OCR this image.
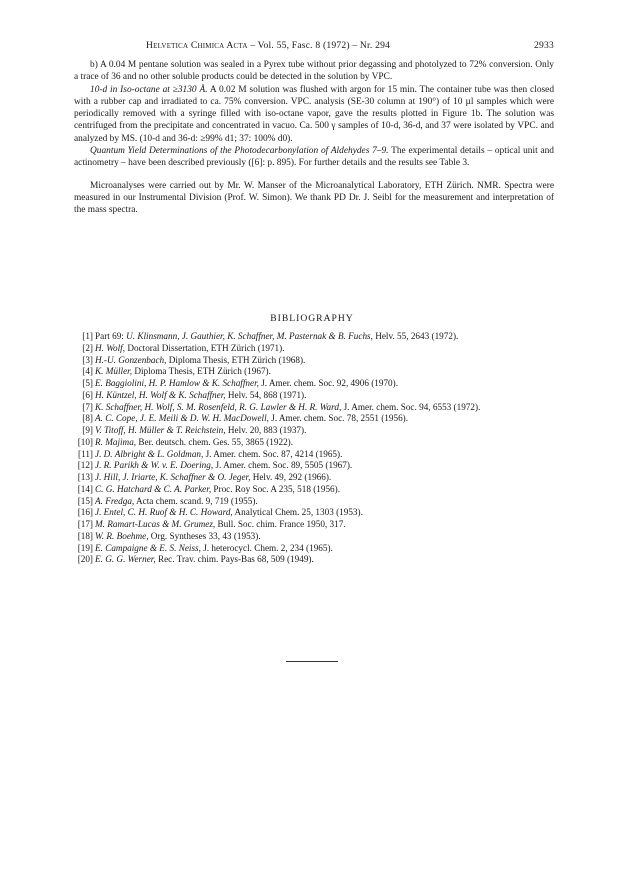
Helvetica Chimica Acta – Vol. 55, Fasc. 8 (1972) – Nr. 294	2933

b) A 0.04 M pentane solution was sealed in a Pyrex tube without prior degassing and photolyzed to 72% conversion. Only a trace of 36 and no other soluble products could be detected in the solution by VPC.

10-d in Iso-octane at ≥3130 Å. A 0.02 M solution was flushed with argon for 15 min. The container tube was then closed with a rubber cap and irradiated to ca. 75% conversion. VPC. analysis (SE-30 column at 190°) of 10 µl samples which were periodically removed with a syringe filled with iso-octane vapor, gave the results plotted in Figure 1b. The solution was centrifuged from the precipitate and concentrated in vacuo. Ca. 500 γ samples of 10-d, 36-d, and 37 were isolated by VPC. and analyzed by MS. (10-d and 36-d: ≥99% d1; 37: 100% d0).

Quantum Yield Determinations of the Photodecarbonylation of Aldehydes 7–9. The experimental details – optical unit and actinometry – have been described previously ([6]: p. 895). For further details and the results see Table 3.

Microanalyses were carried out by Mr. W. Manser of the Microanalytical Laboratory, ETH Zürich. NMR. Spectra were measured in our Instrumental Division (Prof. W. Simon). We thank PD Dr. J. Seibl for the measurement and interpretation of the mass spectra.

BIBLIOGRAPHY
[1] Part 69: U. Klinsmann, J. Gauthier, K. Schaffner, M. Pasternak & B. Fuchs, Helv. 55, 2643 (1972).
[2] H. Wolf, Doctoral Dissertation, ETH Zürich (1971).
[3] H.-U. Gonzenbach, Diploma Thesis, ETH Zürich (1968).
[4] K. Müller, Diploma Thesis, ETH Zürich (1967).
[5] E. Baggiolini, H. P. Hamlow & K. Schaffner, J. Amer. chem. Soc. 92, 4906 (1970).
[6] H. Küntzel, H. Wolf & K. Schaffner, Helv. 54, 868 (1971).
[7] K. Schaffner, H. Wolf, S. M. Rosenfeld, R. G. Lawler & H. R. Ward, J. Amer. chem. Soc. 94, 6553 (1972).
[8] A. C. Cope, J. E. Meili & D. W. H. MacDowell, J. Amer. chem. Soc. 78, 2551 (1956).
[9] V. Titoff, H. Müller & T. Reichstein, Helv. 20, 883 (1937).
[10] R. Majima, Ber. deutsch. chem. Ges. 55, 3865 (1922).
[11] J. D. Albright & L. Goldman, J. Amer. chem. Soc. 87, 4214 (1965).
[12] J. R. Parikh & W. v. E. Doering, J. Amer. chem. Soc. 89, 5505 (1967).
[13] J. Hill, J. Iriarte, K. Schaffner & O. Jeger, Helv. 49, 292 (1966).
[14] C. G. Hatchard & C. A. Parker, Proc. Roy Soc. A 235, 518 (1956).
[15] A. Fredga, Acta chem. scand. 9, 719 (1955).
[16] J. Entel, C. H. Ruof & H. C. Howard, Analytical Chem. 25, 1303 (1953).
[17] M. Ramart-Lucas & M. Grumez, Bull. Soc. chim. France 1950, 317.
[18] W. R. Boehme, Org. Syntheses 33, 43 (1953).
[19] E. Campaigne & E. S. Neiss, J. heterocycl. Chem. 2, 234 (1965).
[20] E. G. G. Werner, Rec. Trav. chim. Pays-Bas 68, 509 (1949).
